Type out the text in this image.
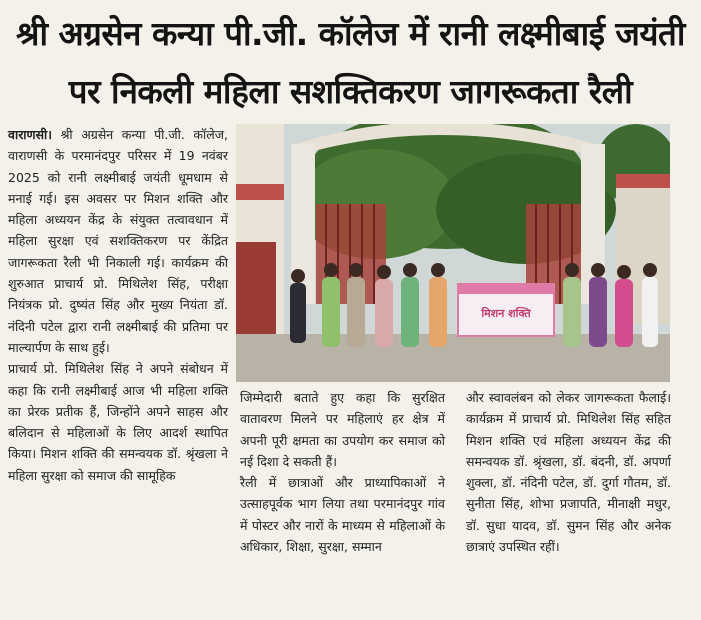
श्री अग्रसेन कन्या पी.जी. कॉलेज में रानी लक्ष्मीबाई जयंती
पर निकली महिला सशक्तिकरण जागरूकता रैली

वाराणसी। श्री अग्रसेन कन्या पी.जी. कॉलेज, वाराणसी के परमानंदपुर परिसर में 19 नवंबर 2025 को रानी लक्ष्मीबाई जयंती धूमधाम से मनाई गई। इस अवसर पर मिशन शक्ति और महिला अध्ययन केंद्र के संयुक्त तत्वावधान में महिला सुरक्षा एवं सशक्तिकरण पर केंद्रित जागरूकता रैली भी निकाली गई। कार्यक्रम की शुरुआत प्राचार्य प्रो. मिथिलेश सिंह, परीक्षा नियंत्रक प्रो. दुष्यंत सिंह और मुख्य नियंता डॉ. नंदिनी पटेल द्वारा रानी लक्ष्मीबाई की प्रतिमा पर माल्यार्पण के साथ हुई।

प्राचार्य प्रो. मिथिलेश सिंह ने अपने संबोधन में कहा कि रानी लक्ष्मीबाई आज भी महिला शक्ति का प्रेरक प्रतीक हैं, जिन्होंने अपने साहस और बलिदान से महिलाओं के लिए आदर्श स्थापित किया। मिशन शक्ति की समन्वयक डॉ. श्रृंखला ने महिला सुरक्षा को समाज की सामूहिक

मिशन शक्ति

जिम्मेदारी बताते हुए कहा कि सुरक्षित वातावरण मिलने पर महिलाएं हर क्षेत्र में अपनी पूरी क्षमता का उपयोग कर समाज को नई दिशा दे सकती हैं।

रैली में छात्राओं और प्राध्यापिकाओं ने उत्साहपूर्वक भाग लिया तथा परमानंदपुर गांव में पोस्टर और नारों के माध्यम से महिलाओं के अधिकार, शिक्षा, सुरक्षा, सम्मान

और स्वावलंबन को लेकर जागरूकता फैलाई। कार्यक्रम में प्राचार्य प्रो. मिथिलेश सिंह सहित मिशन शक्ति एवं महिला अध्ययन केंद्र की समन्वयक डॉ. श्रृंखला, डॉ. बंदनी, डॉ. अपर्णा शुक्ला, डॉ. नंदिनी पटेल, डॉ. दुर्गा गौतम, डॉ. सुनीता सिंह, शोभा प्रजापति, मीनाक्षी मधुर, डॉ. सुधा यादव, डॉ. सुमन सिंह और अनेक छात्राएं उपस्थित रहीं।
